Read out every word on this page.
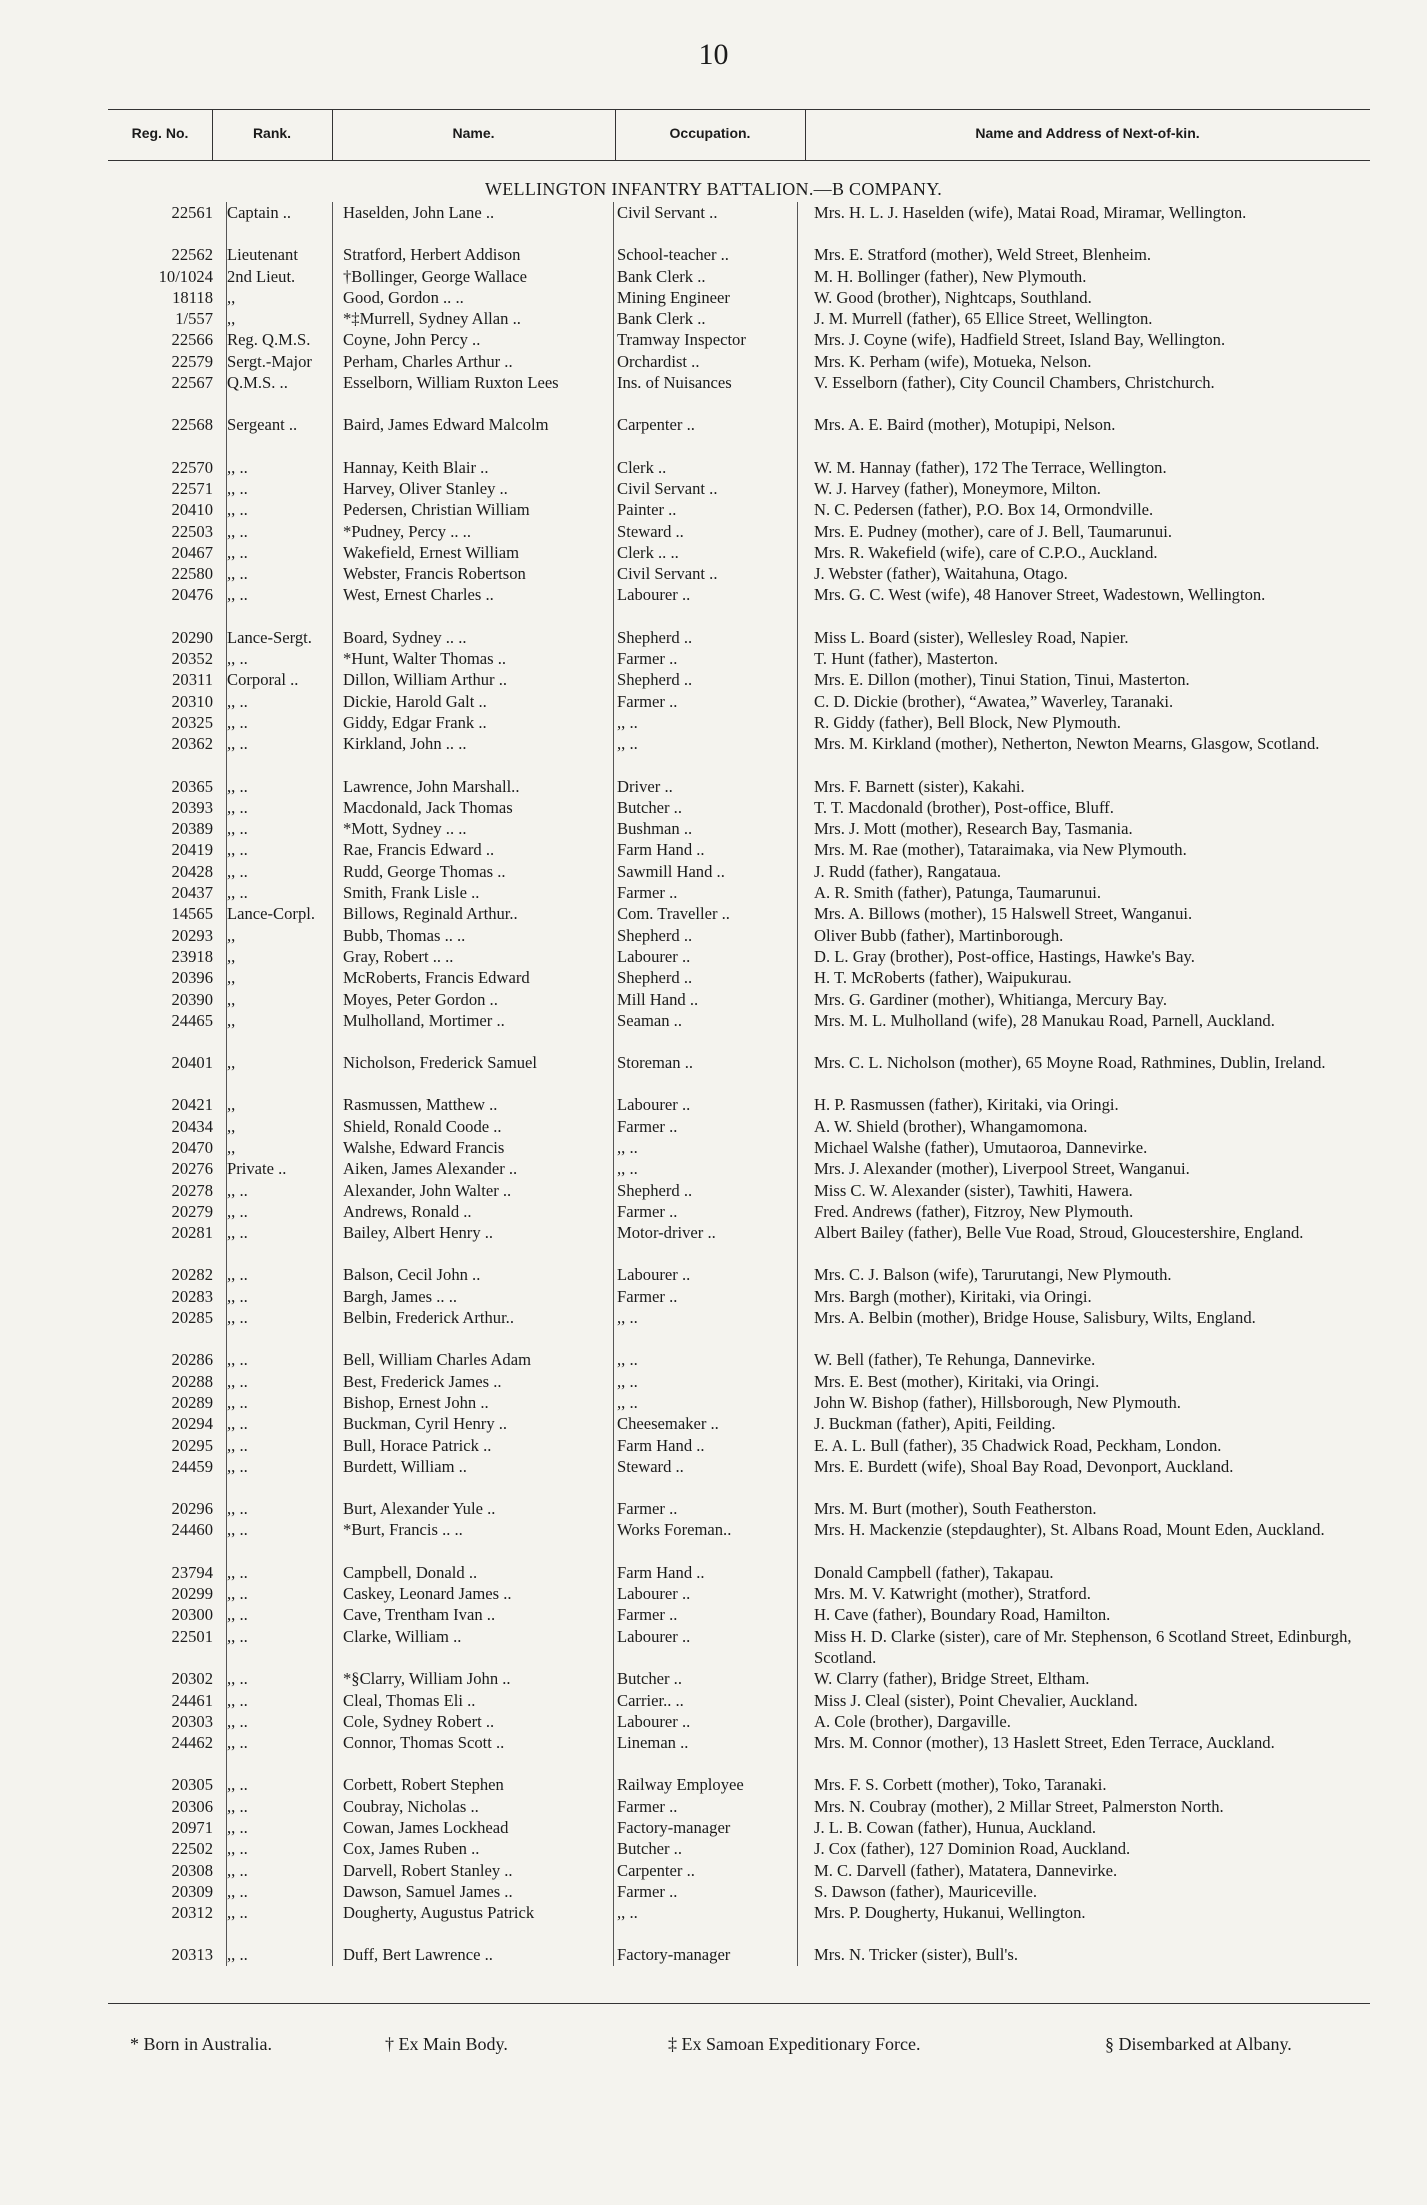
10
Reg. No.	Rank.	Name.	Occupation.	Name and Address of Next-of-kin.
WELLINGTON INFANTRY BATTALION.—B COMPANY.
22561 Captain ..	Haselden, John Lane ..	Civil Servant ..	Mrs. H. L. J. Haselden (wife), Matai Road, Miramar, Wellington.
22562 Lieutenant	Stratford, Herbert Addison	School-teacher ..	Mrs. E. Stratford (mother), Weld Street, Blenheim.
10/1024 2nd Lieut.	†Bollinger, George Wallace	Bank Clerk ..	M. H. Bollinger (father), New Plymouth.
18118 ,,	Good, Gordon .. ..	Mining Engineer	W. Good (brother), Nightcaps, Southland.
1/557 ,,	*‡Murrell, Sydney Allan ..	Bank Clerk ..	J. M. Murrell (father), 65 Ellice Street, Wellington.
22566 Reg. Q.M.S.	Coyne, John Percy ..	Tramway Inspector	Mrs. J. Coyne (wife), Hadfield Street, Island Bay, Wellington.
22579 Sergt.-Major	Perham, Charles Arthur ..	Orchardist ..	Mrs. K. Perham (wife), Motueka, Nelson.
22567 Q.M.S. ..	Esselborn, William Ruxton Lees	Ins. of Nuisances	V. Esselborn (father), City Council Chambers, Christchurch.
22568 Sergeant ..	Baird, James Edward Malcolm	Carpenter ..	Mrs. A. E. Baird (mother), Motupipi, Nelson.
22570 ,, ..	Hannay, Keith Blair ..	Clerk ..	W. M. Hannay (father), 172 The Terrace, Wellington.
22571 ,, ..	Harvey, Oliver Stanley ..	Civil Servant ..	W. J. Harvey (father), Moneymore, Milton.
20410 ,, ..	Pedersen, Christian William	Painter ..	N. C. Pedersen (father), P.O. Box 14, Ormondville.
22503 ,, ..	*Pudney, Percy .. ..	Steward ..	Mrs. E. Pudney (mother), care of J. Bell, Taumarunui.
20467 ,, ..	Wakefield, Ernest William	Clerk .. ..	Mrs. R. Wakefield (wife), care of C.P.O., Auckland.
22580 ,, ..	Webster, Francis Robertson	Civil Servant ..	J. Webster (father), Waitahuna, Otago.
20476 ,, ..	West, Ernest Charles ..	Labourer ..	Mrs. G. C. West (wife), 48 Hanover Street, Wadestown, Wellington.
20290 Lance-Sergt.	Board, Sydney .. ..	Shepherd ..	Miss L. Board (sister), Wellesley Road, Napier.
20352 ,, ..	*Hunt, Walter Thomas ..	Farmer ..	T. Hunt (father), Masterton.
20311 Corporal ..	Dillon, William Arthur ..	Shepherd ..	Mrs. E. Dillon (mother), Tinui Station, Tinui, Masterton.
20310 ,, ..	Dickie, Harold Galt ..	Farmer ..	C. D. Dickie (brother), “Awatea,” Waverley, Taranaki.
20325 ,, ..	Giddy, Edgar Frank ..	,, ..	R. Giddy (father), Bell Block, New Plymouth.
20362 ,, ..	Kirkland, John .. ..	,, ..	Mrs. M. Kirkland (mother), Netherton, Newton Mearns, Glasgow, Scotland.
20365 ,, ..	Lawrence, John Marshall..	Driver ..	Mrs. F. Barnett (sister), Kakahi.
20393 ,, ..	Macdonald, Jack Thomas	Butcher ..	T. T. Macdonald (brother), Post-office, Bluff.
20389 ,, ..	*Mott, Sydney .. ..	Bushman ..	Mrs. J. Mott (mother), Research Bay, Tasmania.
20419 ,, ..	Rae, Francis Edward ..	Farm Hand ..	Mrs. M. Rae (mother), Tataraimaka, via New Plymouth.
20428 ,, ..	Rudd, George Thomas ..	Sawmill Hand ..	J. Rudd (father), Rangataua.
20437 ,, ..	Smith, Frank Lisle ..	Farmer ..	A. R. Smith (father), Patunga, Taumarunui.
14565 Lance-Corpl.	Billows, Reginald Arthur..	Com. Traveller ..	Mrs. A. Billows (mother), 15 Halswell Street, Wanganui.
20293 ,,	Bubb, Thomas .. ..	Shepherd ..	Oliver Bubb (father), Martinborough.
23918 ,,	Gray, Robert .. ..	Labourer ..	D. L. Gray (brother), Post-office, Hastings, Hawke's Bay.
20396 ,,	McRoberts, Francis Edward	Shepherd ..	H. T. McRoberts (father), Waipukurau.
20390 ,,	Moyes, Peter Gordon ..	Mill Hand ..	Mrs. G. Gardiner (mother), Whitianga, Mercury Bay.
24465 ,,	Mulholland, Mortimer ..	Seaman ..	Mrs. M. L. Mulholland (wife), 28 Manukau Road, Parnell, Auckland.
20401 ,,	Nicholson, Frederick Samuel	Storeman ..	Mrs. C. L. Nicholson (mother), 65 Moyne Road, Rathmines, Dublin, Ireland.
20421 ,,	Rasmussen, Matthew ..	Labourer ..	H. P. Rasmussen (father), Kiritaki, via Oringi.
20434 ,,	Shield, Ronald Coode ..	Farmer ..	A. W. Shield (brother), Whangamomona.
20470 ,,	Walshe, Edward Francis	,, ..	Michael Walshe (father), Umutaoroa, Dannevirke.
20276 Private ..	Aiken, James Alexander ..	,, ..	Mrs. J. Alexander (mother), Liverpool Street, Wanganui.
20278 ,, ..	Alexander, John Walter ..	Shepherd ..	Miss C. W. Alexander (sister), Tawhiti, Hawera.
20279 ,, ..	Andrews, Ronald ..	Farmer ..	Fred. Andrews (father), Fitzroy, New Plymouth.
20281 ,, ..	Bailey, Albert Henry ..	Motor-driver ..	Albert Bailey (father), Belle Vue Road, Stroud, Gloucestershire, England.
20282 ,, ..	Balson, Cecil John ..	Labourer ..	Mrs. C. J. Balson (wife), Tarurutangi, New Plymouth.
20283 ,, ..	Bargh, James .. ..	Farmer ..	Mrs. Bargh (mother), Kiritaki, via Oringi.
20285 ,, ..	Belbin, Frederick Arthur..	,, ..	Mrs. A. Belbin (mother), Bridge House, Salisbury, Wilts, England.
20286 ,, ..	Bell, William Charles Adam	,, ..	W. Bell (father), Te Rehunga, Dannevirke.
20288 ,, ..	Best, Frederick James ..	,, ..	Mrs. E. Best (mother), Kiritaki, via Oringi.
20289 ,, ..	Bishop, Ernest John ..	,, ..	John W. Bishop (father), Hillsborough, New Plymouth.
20294 ,, ..	Buckman, Cyril Henry ..	Cheesemaker ..	J. Buckman (father), Apiti, Feilding.
20295 ,, ..	Bull, Horace Patrick ..	Farm Hand ..	E. A. L. Bull (father), 35 Chadwick Road, Peckham, London.
24459 ,, ..	Burdett, William ..	Steward ..	Mrs. E. Burdett (wife), Shoal Bay Road, Devonport, Auckland.
20296 ,, ..	Burt, Alexander Yule ..	Farmer ..	Mrs. M. Burt (mother), South Featherston.
24460 ,, ..	*Burt, Francis .. ..	Works Foreman..	Mrs. H. Mackenzie (stepdaughter), St. Albans Road, Mount Eden, Auckland.
23794 ,, ..	Campbell, Donald ..	Farm Hand ..	Donald Campbell (father), Takapau.
20299 ,, ..	Caskey, Leonard James ..	Labourer ..	Mrs. M. V. Katwright (mother), Stratford.
20300 ,, ..	Cave, Trentham Ivan ..	Farmer ..	H. Cave (father), Boundary Road, Hamilton.
22501 ,, ..	Clarke, William ..	Labourer ..	Miss H. D. Clarke (sister), care of Mr. Stephenson, 6 Scotland Street, Edinburgh, Scotland.
20302 ,, ..	*§Clarry, William John ..	Butcher ..	W. Clarry (father), Bridge Street, Eltham.
24461 ,, ..	Cleal, Thomas Eli ..	Carrier.. ..	Miss J. Cleal (sister), Point Chevalier, Auckland.
20303 ,, ..	Cole, Sydney Robert ..	Labourer ..	A. Cole (brother), Dargaville.
24462 ,, ..	Connor, Thomas Scott ..	Lineman ..	Mrs. M. Connor (mother), 13 Haslett Street, Eden Terrace, Auckland.
20305 ,, ..	Corbett, Robert Stephen	Railway Employee	Mrs. F. S. Corbett (mother), Toko, Taranaki.
20306 ,, ..	Coubray, Nicholas ..	Farmer ..	Mrs. N. Coubray (mother), 2 Millar Street, Palmerston North.
20971 ,, ..	Cowan, James Lockhead	Factory-manager	J. L. B. Cowan (father), Hunua, Auckland.
22502 ,, ..	Cox, James Ruben ..	Butcher ..	J. Cox (father), 127 Dominion Road, Auckland.
20308 ,, ..	Darvell, Robert Stanley ..	Carpenter ..	M. C. Darvell (father), Matatera, Dannevirke.
20309 ,, ..	Dawson, Samuel James ..	Farmer ..	S. Dawson (father), Mauriceville.
20312 ,, ..	Dougherty, Augustus Patrick	,, ..	Mrs. P. Dougherty, Hukanui, Wellington.
20313 ,, ..	Duff, Bert Lawrence ..	Factory-manager	Mrs. N. Tricker (sister), Bull's.
* Born in Australia.	† Ex Main Body.	‡ Ex Samoan Expeditionary Force.	§ Disembarked at Albany.
